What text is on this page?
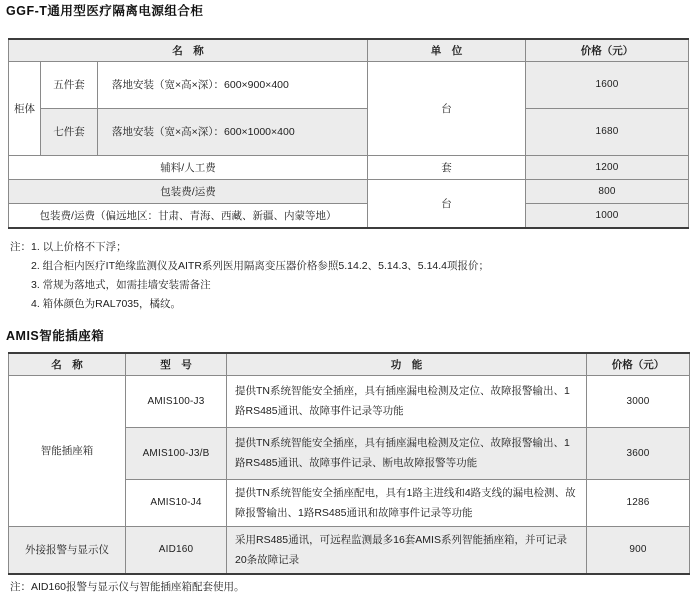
GGF-T通用型医疗隔离电源组合柜
名　称			单　位	价格（元）
柜体	五件套	落地安装（宽×高×深）：600×900×400	台	1600
	七件套	落地安装（宽×高×深）：600×1000×400		1680
辅料/人工费			套	1200
包装费/运费			台	800
包装费/运费（偏远地区：甘肃、青海、西藏、新疆、内蒙等地）				1000
注：1. 以上价格不下浮；
2. 组合柜内医疗IT绝缘监测仪及AITR系列医用隔离变压器价格参照5.14.2、5.14.3、5.14.4项报价；
3. 常规为落地式，如需挂墙安装需备注
4. 箱体颜色为RAL7035，橘纹。
AMIS智能插座箱
名　称	型　号	功　能	价格（元）
智能插座箱	AMIS100-J3	提供TN系统智能安全插座，具有插座漏电检测及定位、故障报警输出、1路RS485通讯、故障事件记录等功能	3000
	AMIS100-J3/B	提供TN系统智能安全插座，具有插座漏电检测及定位、故障报警输出、1路RS485通讯、故障事件记录、断电故障报警等功能	3600
	AMIS10-J4	提供TN系统智能安全插座配电，具有1路主进线和4路支线的漏电检测、故障报警输出、1路RS485通讯和故障事件记录等功能	1286
外接报警与显示仪	AID160	采用RS485通讯，可远程监测最多16套AMIS系列智能插座箱，并可记录20条故障记录	900
注：AID160报警与显示仪与智能插座箱配套使用。
